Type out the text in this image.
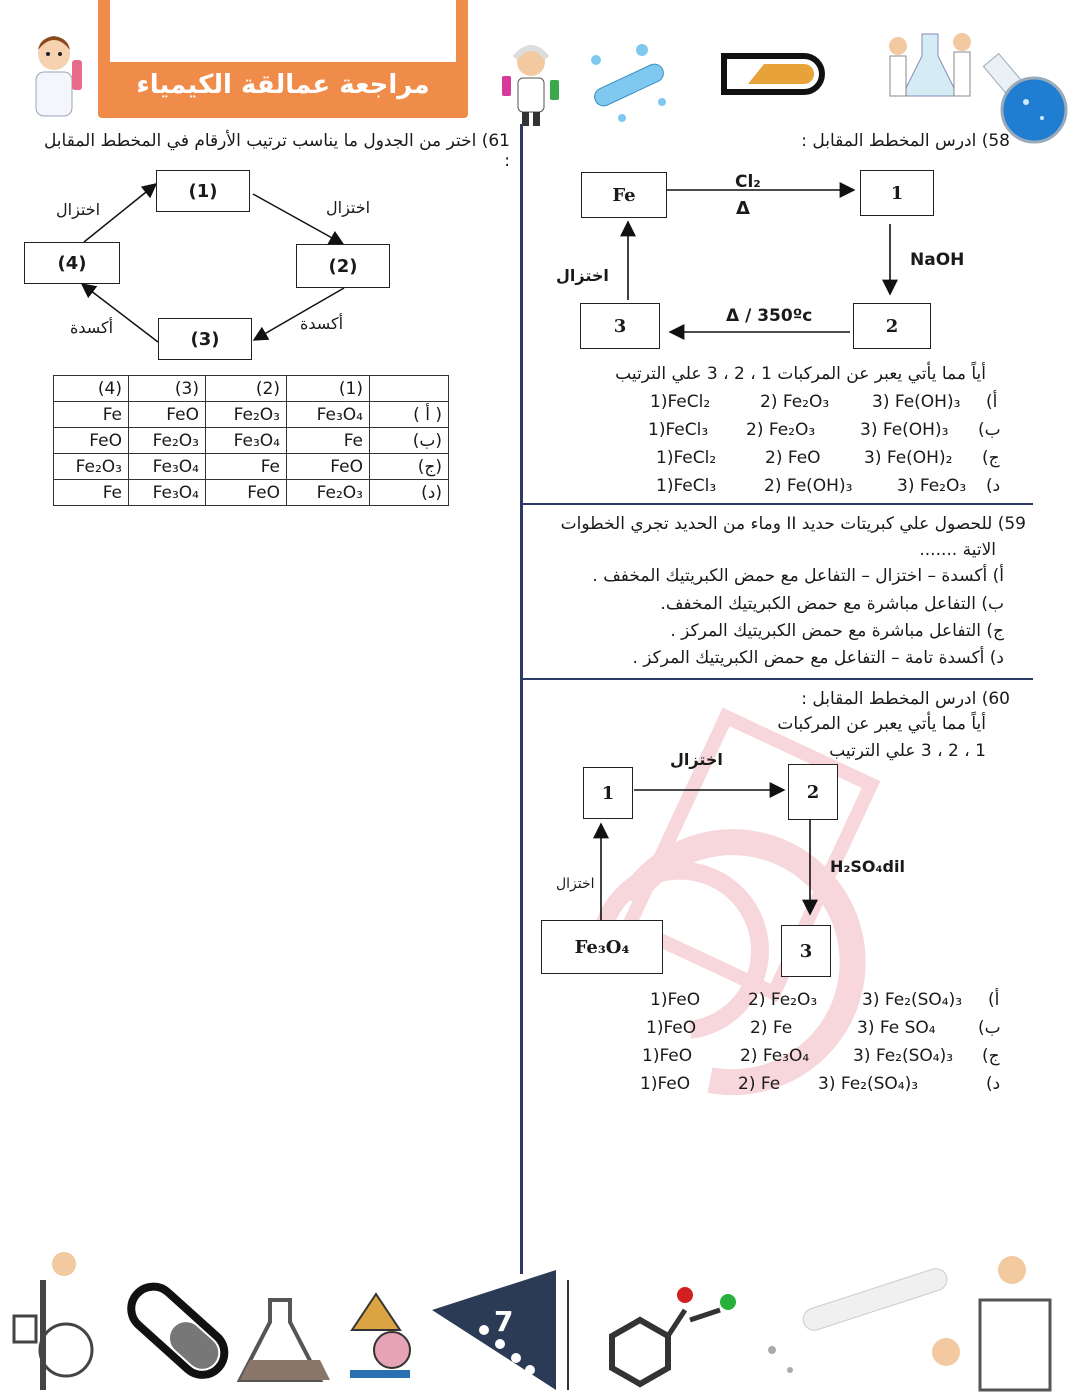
مراجعة عمالقة الكيمياء
58) ادرس المخطط المقابل :
Fe	1
2
3
Cl₂
Δ
NaOH
Δ / 350ºc
اختزال
أياً مما يأتي يعبر عن المركبات 1 ، 2 ، 3 علي الترتيب
أ)
1)FeCl₂	2) Fe₂O₃	3) Fe(OH)₃
ب)
1)FeCl₃ 2) Fe₂O₃	3) Fe(OH)₃
ج)
1)FeCl₂	2) FeO	3) Fe(OH)₂
د)
1)FeCl₃	2) Fe(OH)₃	3) Fe₂O₃
59) للحصول علي كبريتات حديد II وماء من الحديد تجري الخطوات
الاتية .......
أ) أكسدة – اختزال – التفاعل مع حمض الكبريتيك المخفف .
ب) التفاعل مباشرة مع حمض الكبريتيك المخفف.
ج) التفاعل مباشرة مع حمض الكبريتيك المركز .
د) أكسدة تامة – التفاعل مع حمض الكبريتيك المركز .
60) ادرس المخطط المقابل :
أياً مما يأتي يعبر عن المركبات
1 ، 2 ، 3 علي الترتيب
1	2
3
Fe₃O₄
اختزال
اختزال
H₂SO₄dil
أ)
1)FeO	2) Fe₂O₃	3) Fe₂(SO₄)₃
ب)
1)FeO	2) Fe	3) Fe SO₄
ج)
1)FeO	2) Fe₃O₄	3) Fe₂(SO₄)₃
د)
1)FeO	2) Fe 3) Fe₂(SO₄)₃
61) اختر من الجدول ما يناسب ترتيب الأرقام في المخطط المقابل :
(1)
(2)
(3)
(4)
اختزال
اختزال
أكسدة
أكسدة
(4)	(3)	(2)	(1)	
Fe	FeO	Fe₂O₃	Fe₃O₄	( أ )
FeO	Fe₂O₃	Fe₃O₄	Fe	(ب)
Fe₂O₃	Fe₃O₄	Fe	FeO	(ج)
Fe	Fe₃O₄	FeO	Fe₂O₃	(د)
7
